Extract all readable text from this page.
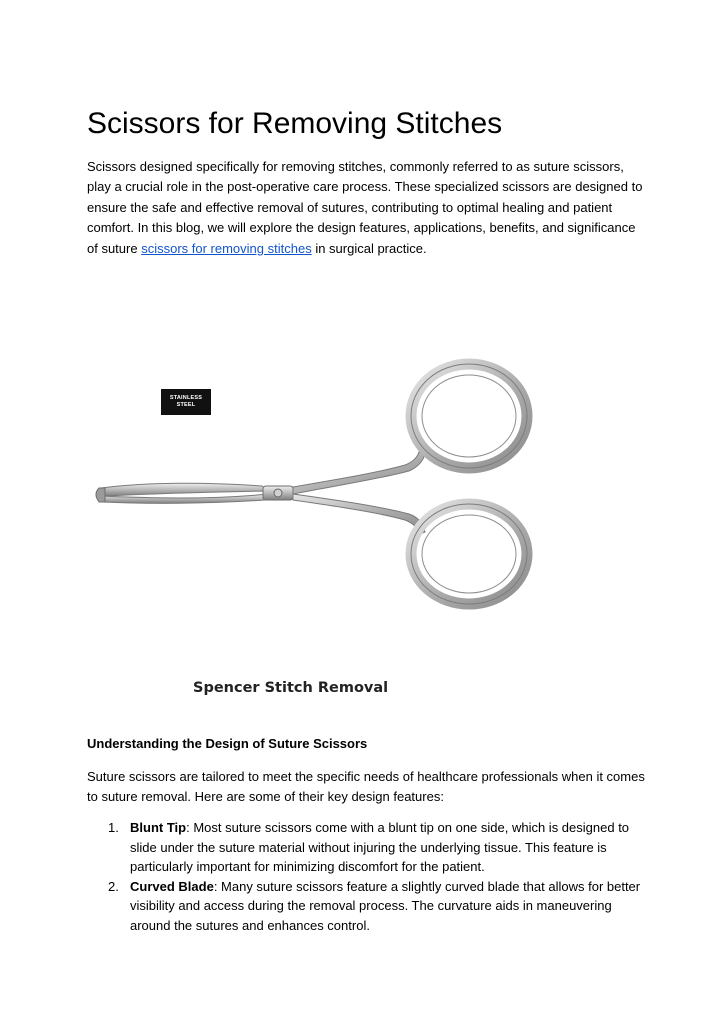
Scissors for Removing Stitches

Scissors designed specifically for removing stitches, commonly referred to as suture scissors, play a crucial role in the post-operative care process. These specialized scissors are designed to ensure the safe and effective removal of sutures, contributing to optimal healing and patient comfort. In this blog, we will explore the design features, applications, benefits, and significance of suture scissors for removing stitches in surgical practice.

STAINLESS
STEEL

Spencer Stitch Removal

Understanding the Design of Suture Scissors

Suture scissors are tailored to meet the specific needs of healthcare professionals when it comes to suture removal. Here are some of their key design features:

1. Blunt Tip: Most suture scissors come with a blunt tip on one side, which is designed to slide under the suture material without injuring the underlying tissue. This feature is particularly important for minimizing discomfort for the patient.
2. Curved Blade: Many suture scissors feature a slightly curved blade that allows for better visibility and access during the removal process. The curvature aids in maneuvering around the sutures and enhances control.
